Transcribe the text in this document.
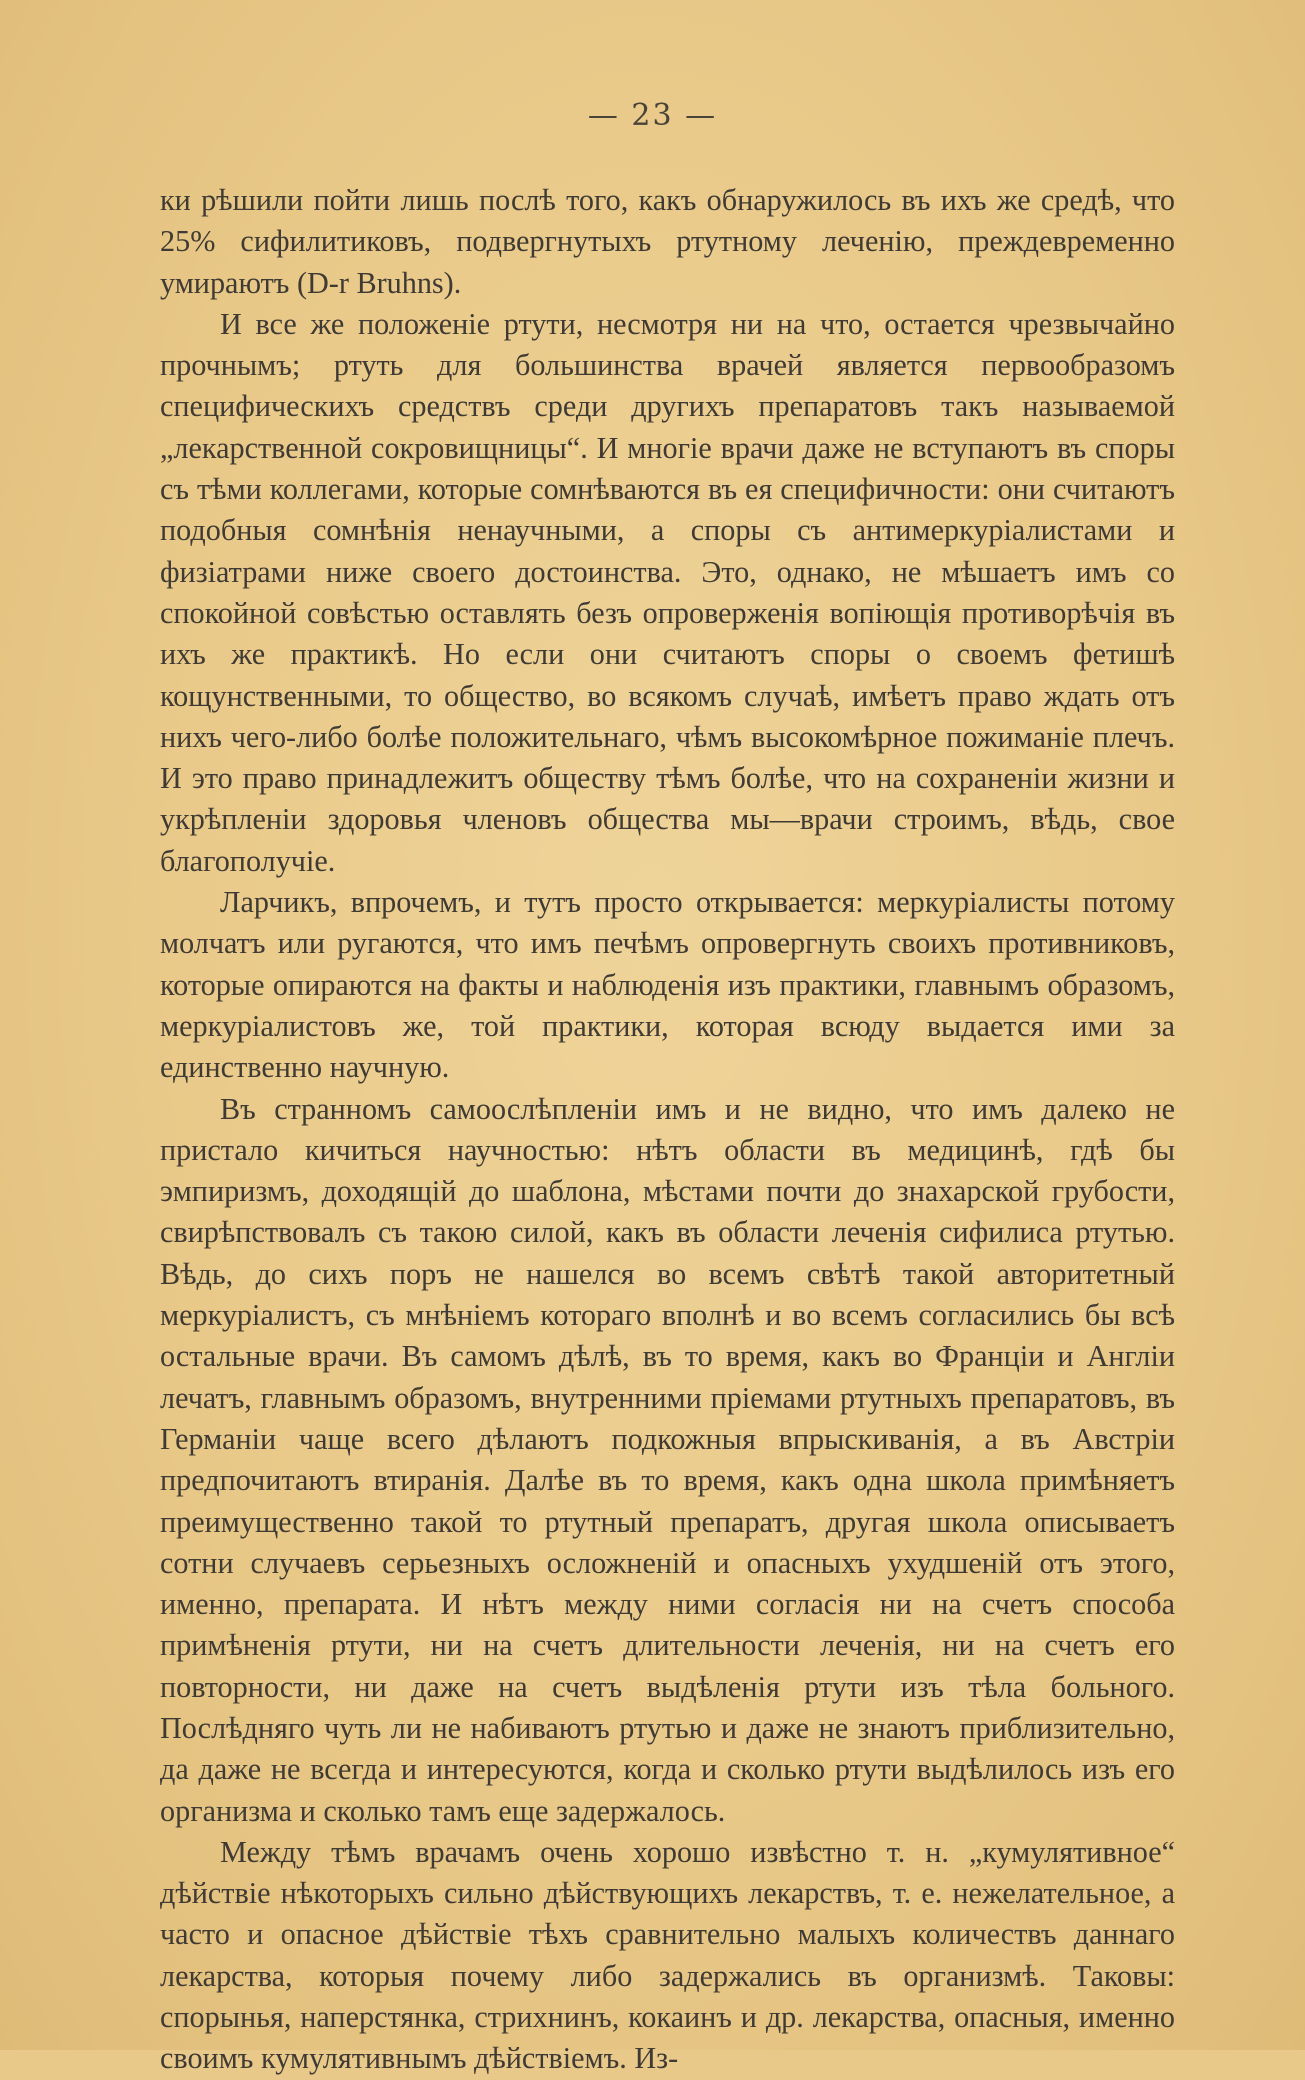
— 23 —

ки рѣшили пойти лишь послѣ того, какъ обнаружилось въ ихъ же средѣ, что 25% сифилитиковъ, подвергнутыхъ ртутному леченiю, преждевременно умираютъ (D-r Bruhns).

И все же положенiе ртути, несмотря ни на что, остается чрезвычайно прочнымъ; ртуть для большинства врачей является первообразомъ специфическихъ средствъ среди другихъ препаратовъ такъ называемой „лекарственной сокровищницы“. И многiе врачи даже не вступаютъ въ споры съ тѣми коллегами, которые сомнѣваются въ ея специфичности: они считаютъ подобныя сомнѣнiя ненаучными, а споры съ антимеркурiалистами и физiатрами ниже своего достоинства. Это, однако, не мѣшаетъ имъ со спокойной совѣстью оставлять безъ опроверженiя вопiющiя противорѣчiя въ ихъ же практикѣ. Но если они считаютъ споры о своемъ фетишѣ кощунственными, то общество, во всякомъ случаѣ, имѣетъ право ждать отъ нихъ чего-либо болѣе положительнаго, чѣмъ высокомѣрное пожиманiе плечъ. И это право принадлежитъ обществу тѣмъ болѣе, что на сохраненiи жизни и укрѣпленiи здоровья членовъ общества мы—врачи строимъ, вѣдь, свое благополучiе.

Ларчикъ, впрочемъ, и тутъ просто открывается: меркурiалисты потому молчатъ или ругаются, что имъ печѣмъ опровергнуть своихъ противниковъ, которые опираются на факты и наблюденiя изъ практики, главнымъ образомъ, меркурiалистовъ же, той практики, которая всюду выдается ими за единственно научную.

Въ странномъ самоослѣпленiи имъ и не видно, что имъ далеко не пристало кичиться научностью: нѣтъ области въ медицинѣ, гдѣ бы эмпиризмъ, доходящiй до шаблона, мѣстами почти до знахарской грубости, свирѣпствовалъ съ такою силой, какъ въ области леченiя сифилиса ртутью. Вѣдь, до сихъ поръ не нашелся во всемъ свѣтѣ такой авторитетный меркурiалистъ, съ мнѣнiемъ котораго вполнѣ и во всемъ согласились бы всѣ остальные врачи. Въ самомъ дѣлѣ, въ то время, какъ во Францiи и Англiи лечатъ, главнымъ образомъ, внутренними прiемами ртутныхъ препаратовъ, въ Германiи чаще всего дѣлаютъ подкожныя впрыскиванiя, а въ Австрiи предпочитаютъ втиранiя. Далѣе въ то время, какъ одна школа примѣняетъ преимущественно такой то ртутный препаратъ, другая школа описываетъ сотни случаевъ серьезныхъ осложненiй и опасныхъ ухудшенiй отъ этого, именно, препарата. И нѣтъ между ними согласiя ни на счетъ способа примѣненiя ртути, ни на счетъ длительности леченiя, ни на счетъ его повторности, ни даже на счетъ выдѣленiя ртути изъ тѣла больного. Послѣдняго чуть ли не набиваютъ ртутью и даже не знаютъ приблизительно, да даже не всегда и интересуются, когда и сколько ртути выдѣлилось изъ его организма и сколько тамъ еще задержалось.

Между тѣмъ врачамъ очень хорошо извѣстно т. н. „кумулятивное“ дѣйствiе нѣкоторыхъ сильно дѣйствующихъ лекарствъ, т. е. нежелательное, а часто и опасное дѣйствiе тѣхъ сравнительно малыхъ количествъ даннаго лекарства, которыя почему либо задержались въ организмѣ. Таковы: спорынья, наперстянка, стрихнинъ, кокаинъ и др. лекарства, опасныя, именно своимъ кумулятивнымъ дѣйствiемъ. Из-
